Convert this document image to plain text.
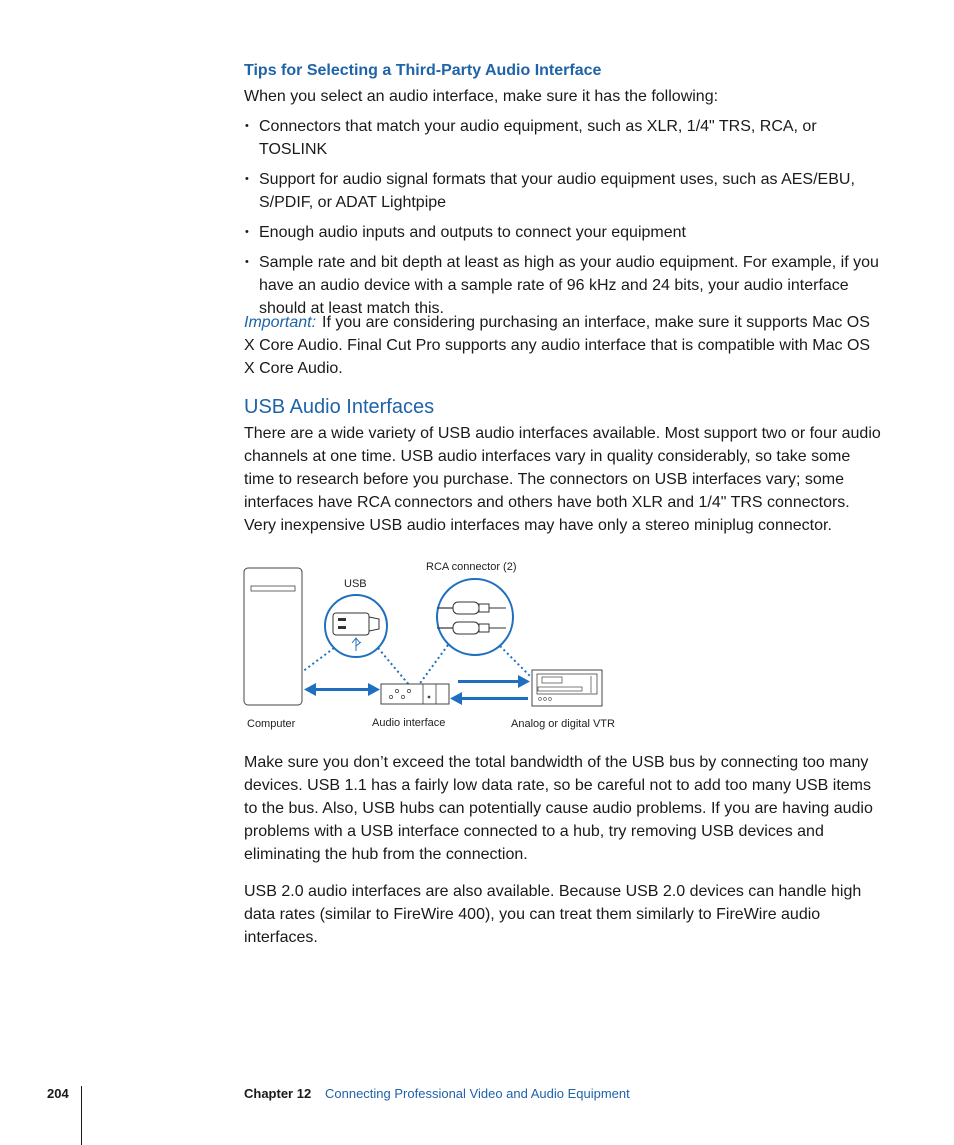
Tips for Selecting a Third-Party Audio Interface

When you select an audio interface, make sure it has the following:

• Connectors that match your audio equipment, such as XLR, 1/4" TRS, RCA, or TOSLINK
• Support for audio signal formats that your audio equipment uses, such as AES/EBU, S/PDIF, or ADAT Lightpipe
• Enough audio inputs and outputs to connect your equipment
• Sample rate and bit depth at least as high as your audio equipment. For example, if you have an audio device with a sample rate of 96 kHz and 24 bits, your audio interface should at least match this.

Important: If you are considering purchasing an interface, make sure it supports Mac OS X Core Audio. Final Cut Pro supports any audio interface that is compatible with Mac OS X Core Audio.

USB Audio Interfaces

There are a wide variety of USB audio interfaces available. Most support two or four audio channels at one time. USB audio interfaces vary in quality considerably, so take some time to research before you purchase. The connectors on USB interfaces vary; some interfaces have RCA connectors and others have both XLR and 1/4" TRS connectors. Very inexpensive USB audio interfaces may have only a stereo miniplug connector.

USB
RCA connector (2)
Computer	Audio interface	Analog or digital VTR

Make sure you don’t exceed the total bandwidth of the USB bus by connecting too many devices. USB 1.1 has a fairly low data rate, so be careful not to add too many USB items to the bus. Also, USB hubs can potentially cause audio problems. If you are having audio problems with a USB interface connected to a hub, try removing USB devices and eliminating the hub from the connection.

USB 2.0 audio interfaces are also available. Because USB 2.0 devices can handle high data rates (similar to FireWire 400), you can treat them similarly to FireWire audio interfaces.

204	Chapter 12 Connecting Professional Video and Audio Equipment
